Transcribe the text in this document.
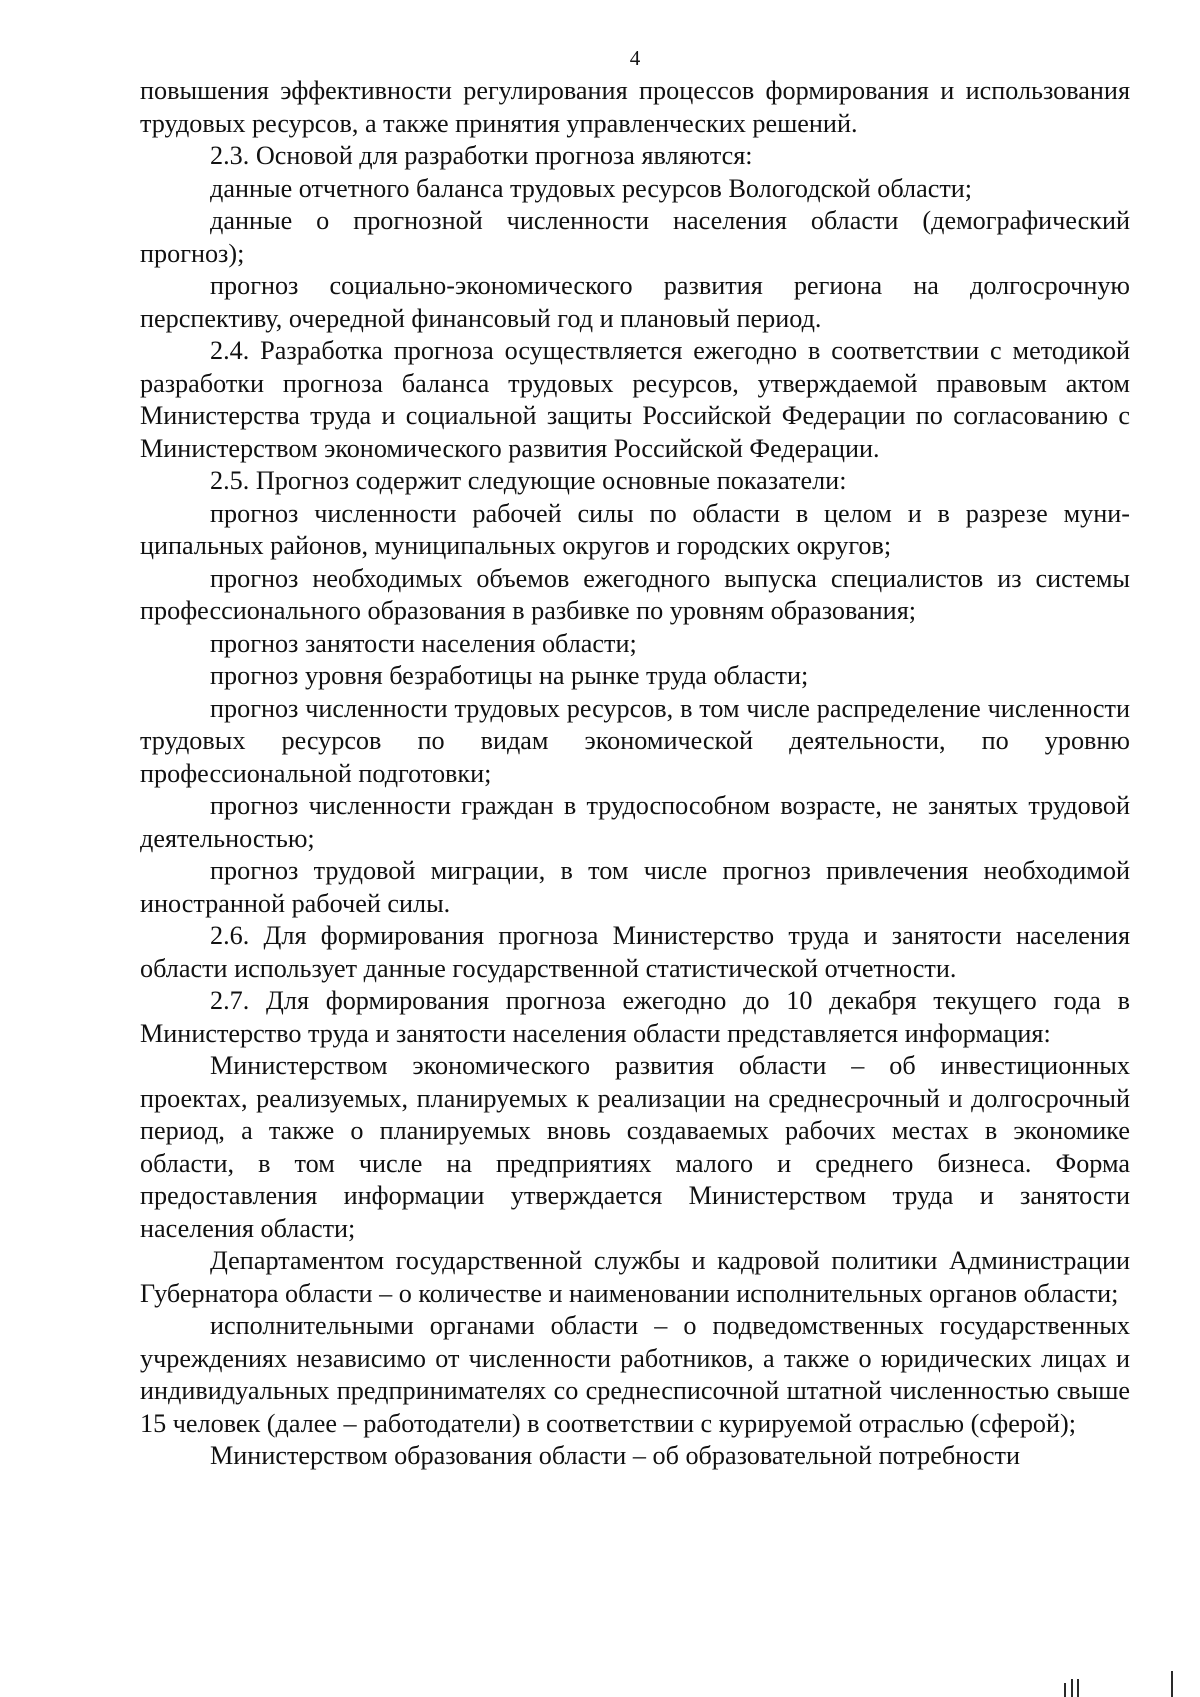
4

повышения эффективности регулирования процессов формирования и использования трудовых ресурсов, а также принятия управленческих решений.

2.3. Основой для разработки прогноза являются:

данные отчетного баланса трудовых ресурсов Вологодской области;

данные о прогнозной численности населения области (демографический прогноз);

прогноз социально-экономического развития региона на долгосрочную перспективу, очередной финансовый год и плановый период.

2.4. Разработка прогноза осуществляется ежегодно в соответствии с методикой разработки прогноза баланса трудовых ресурсов, утверждаемой правовым актом Министерства труда и социальной защиты Российской Федерации по согласованию с Министерством экономического развития Российской Федерации.

2.5. Прогноз содержит следующие основные показатели:

прогноз численности рабочей силы по области в целом и в разрезе муниципальных районов, муниципальных округов и городских округов;

прогноз необходимых объемов ежегодного выпуска специалистов из системы профессионального образования в разбивке по уровням образования;

прогноз занятости населения области;

прогноз уровня безработицы на рынке труда области;

прогноз численности трудовых ресурсов, в том числе распределение численности трудовых ресурсов по видам экономической деятельности, по уровню профессиональной подготовки;

прогноз численности граждан в трудоспособном возрасте, не занятых трудовой деятельностью;

прогноз трудовой миграции, в том числе прогноз привлечения необходимой иностранной рабочей силы.

2.6. Для формирования прогноза Министерство труда и занятости населения области использует данные государственной статистической отчетности.

2.7. Для формирования прогноза ежегодно до 10 декабря текущего года в Министерство труда и занятости населения области представляется информация:

Министерством экономического развития области – об инвестиционных проектах, реализуемых, планируемых к реализации на среднесрочный и долгосрочный период, а также о планируемых вновь создаваемых рабочих местах в экономике области, в том числе на предприятиях малого и среднего бизнеса. Форма предоставления информации утверждается Министерством труда и занятости населения области;

Департаментом государственной службы и кадровой политики Администрации Губернатора области – о количестве и наименовании исполнительных органов области;

исполнительными органами области – о подведомственных государственных учреждениях независимо от численности работников, а также о юридических лицах и индивидуальных предпринимателях со среднесписочной штатной численностью свыше 15 человек (далее – работодатели) в соответствии с курируемой отраслью (сферой);

Министерством образования области – об образовательной потребности
